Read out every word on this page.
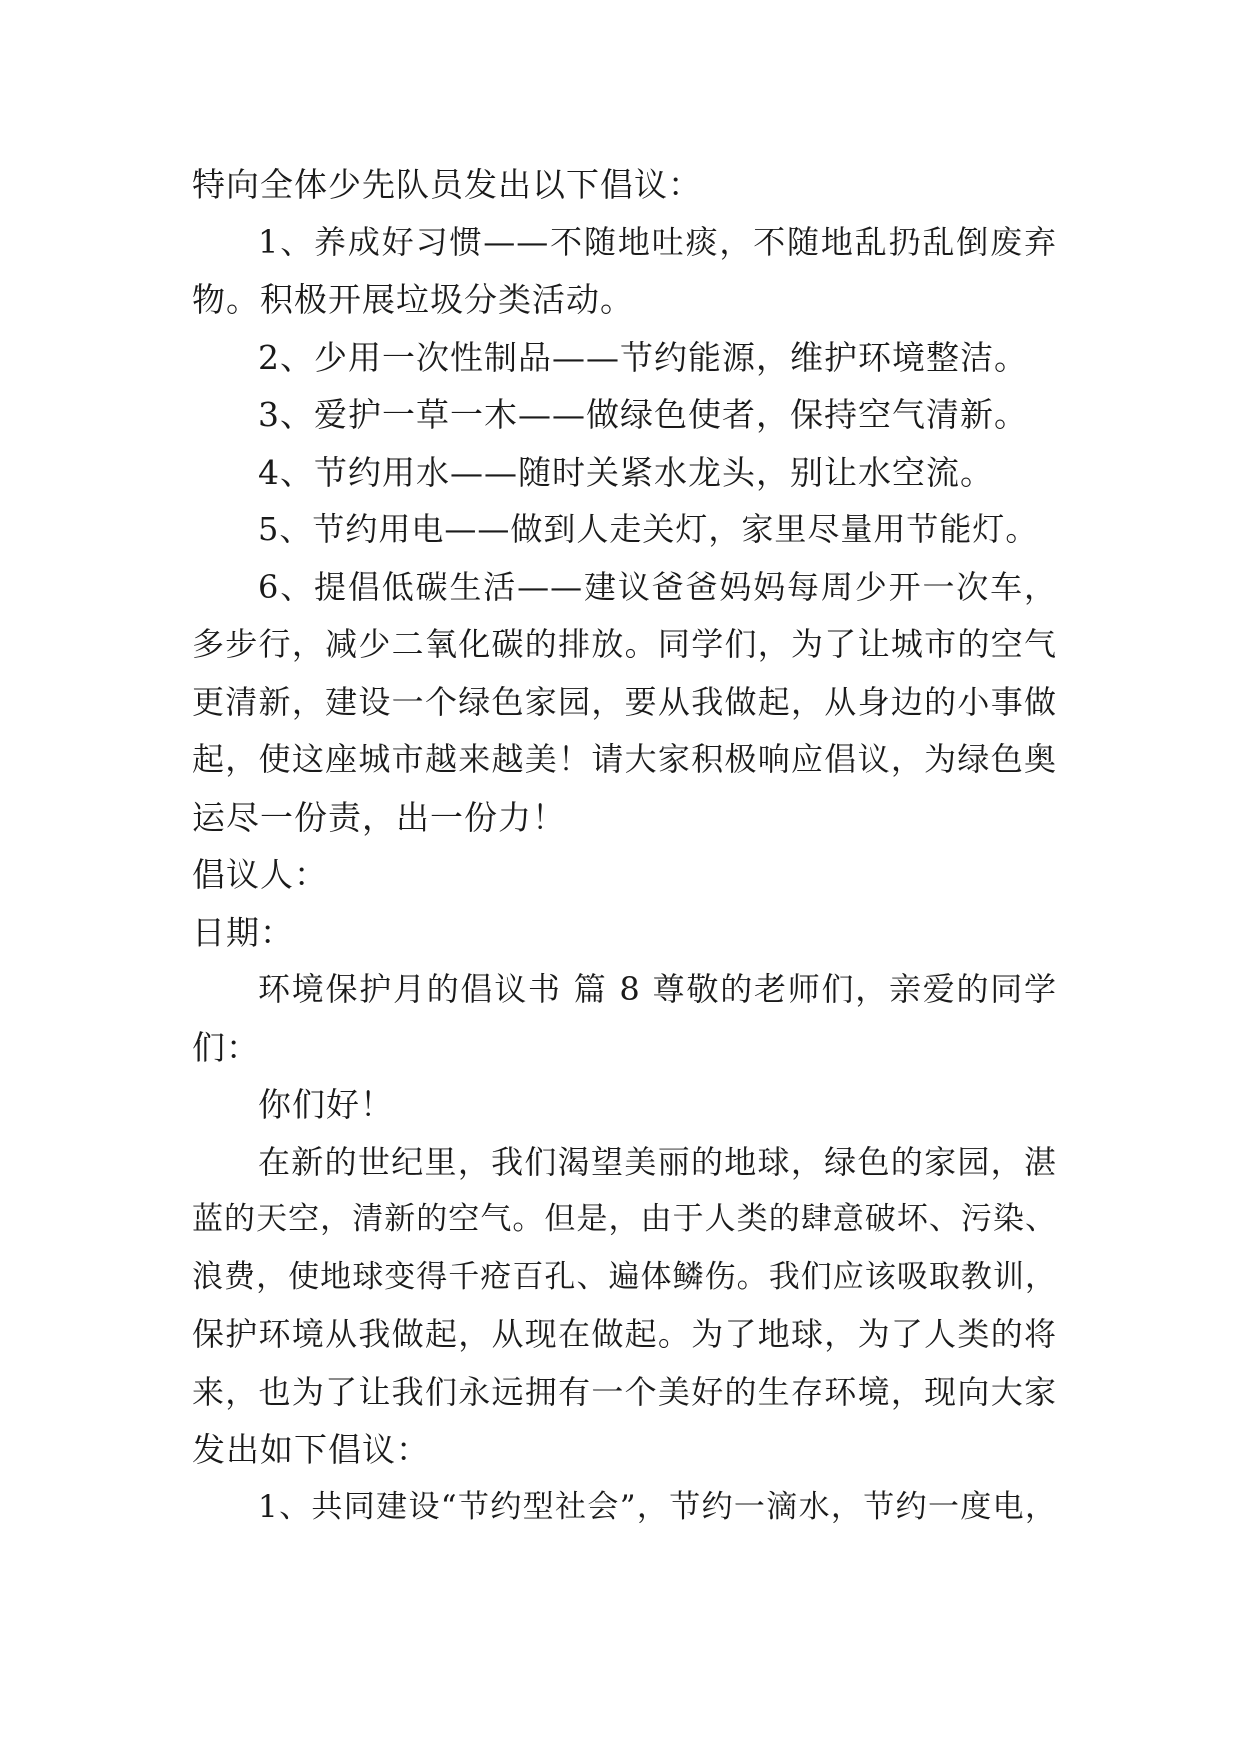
特向全体少先队员发出以下倡议：
1、养成好习惯——不随地吐痰，不随地乱扔乱倒废弃
物。积极开展垃圾分类活动。
2、少用一次性制品——节约能源，维护环境整洁。
3、爱护一草一木——做绿色使者，保持空气清新。
4、节约用水——随时关紧水龙头，别让水空流。
5、节约用电——做到人走关灯，家里尽量用节能灯。
6、提倡低碳生活——建议爸爸妈妈每周少开一次车，
多步行，减少二氧化碳的排放。同学们，为了让城市的空气
更清新，建设一个绿色家园，要从我做起，从身边的小事做
起，使这座城市越来越美！请大家积极响应倡议，为绿色奥
运尽一份责，出一份力！
倡议人：
日期：
环境保护月的倡议书 篇 8 尊敬的老师们，亲爱的同学
们：
你们好！
在新的世纪里，我们渴望美丽的地球，绿色的家园，湛
蓝的天空，清新的空气。但是，由于人类的肆意破坏、污染、
浪费，使地球变得千疮百孔、遍体鳞伤。我们应该吸取教训，
保护环境从我做起，从现在做起。为了地球，为了人类的将
来，也为了让我们永远拥有一个美好的生存环境，现向大家
发出如下倡议：
1、共同建设“节约型社会”，节约一滴水，节约一度电，
